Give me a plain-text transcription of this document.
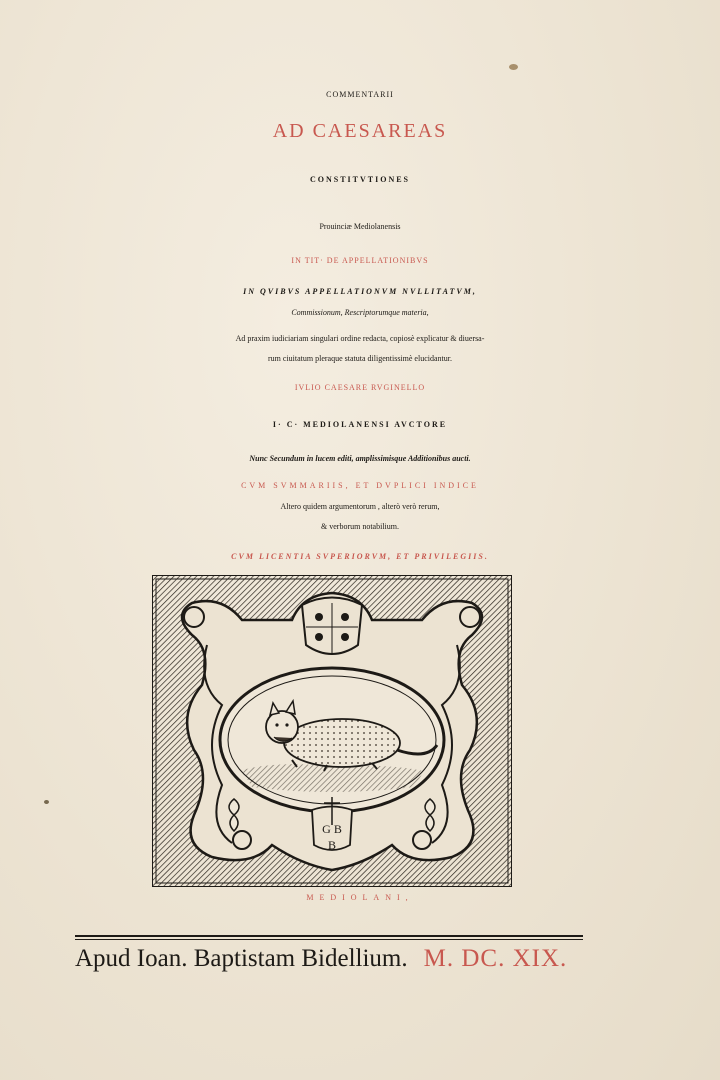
COMMENTARII
AD CAESAREAS
CONSTITVTIONES
Prouinciæ Mediolanensis
IN TIT· DE APPELLATIONIBVS
IN QVIBVS APPELLATIONVM NVLLITATVM,
Commissionum, Rescriptorumque materia,
Ad praxim iudiciariam singulari ordine redacta, copiosè explicatur & diuersa-
rum ciuitatum pleraque statuta diligentissimè elucidantur.
IVLIO CAESARE RVGINELLO
I· C· MEDIOLANENSI AVCTORE
Nunc Secundum in lucem editi, amplissimisque Additionibus aucti.
CVM SVMMARIIS, ET DVPLICI INDICE
Altero quidem argumentorum , alterò verò rerum,
& verborum notabilium.
CVM LICENTIA SVPERIORVM, ET PRIVILEGIIS.
G B
B
MEDIOLANI,
Apud Ioan. Baptistam Bidellium. M. DC. XIX.
